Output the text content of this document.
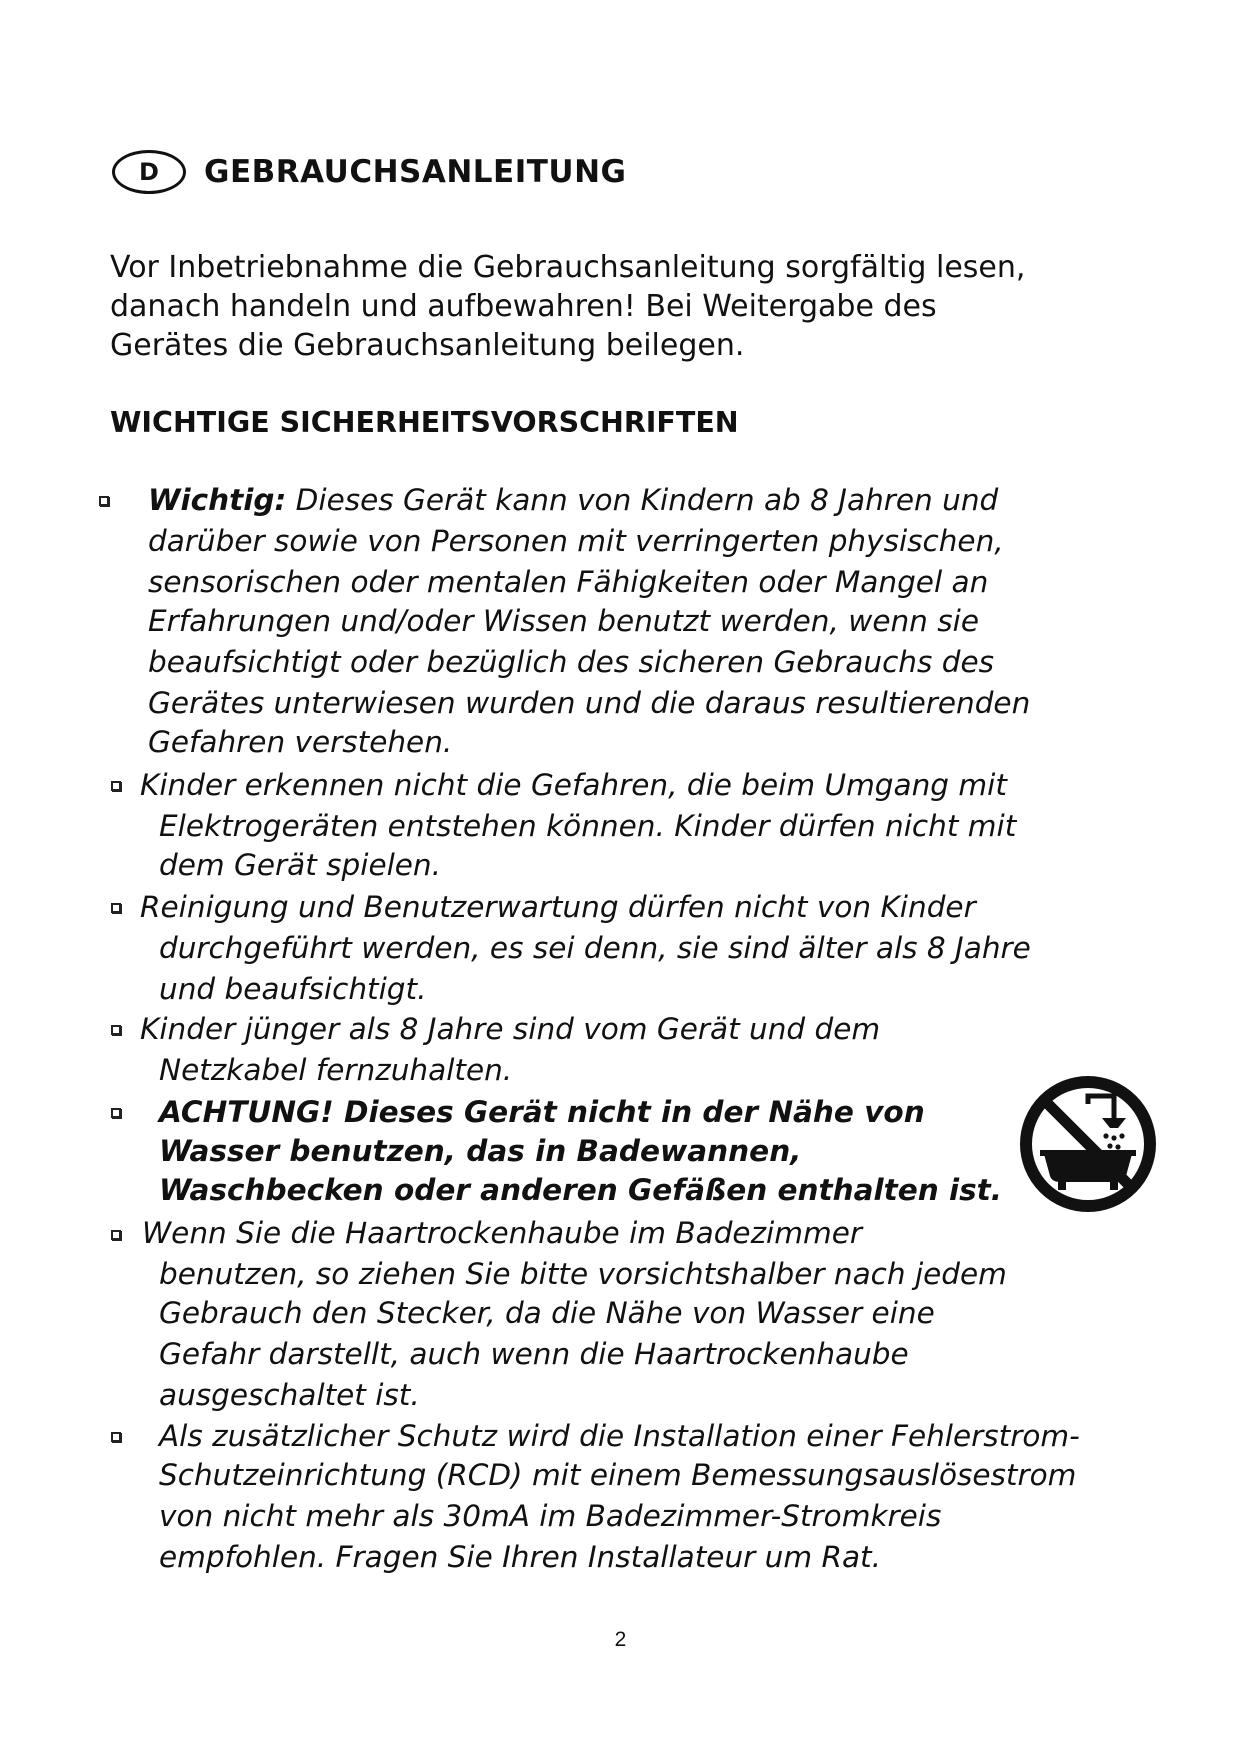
D	GEBRAUCHSANLEITUNG
Vor Inbetriebnahme die Gebrauchsanleitung sorgfältig lesen,
danach handeln und aufbewahren! Bei Weitergabe des
Gerätes die Gebrauchsanleitung beilegen.
WICHTIGE SICHERHEITSVORSCHRIFTEN
Wichtig: Dieses Gerät kann von Kindern ab 8 Jahren und
darüber sowie von Personen mit verringerten physischen,
sensorischen oder mentalen Fähigkeiten oder Mangel an
Erfahrungen und/oder Wissen benutzt werden, wenn sie
beaufsichtigt oder bezüglich des sicheren Gebrauchs des
Gerätes unterwiesen wurden und die daraus resultierenden
Gefahren verstehen.
Kinder erkennen nicht die Gefahren, die beim Umgang mit
Elektrogeräten entstehen können. Kinder dürfen nicht mit
dem Gerät spielen.
Reinigung und Benutzerwartung dürfen nicht von Kinder
durchgeführt werden, es sei denn, sie sind älter als 8 Jahre
und beaufsichtigt.
Kinder jünger als 8 Jahre sind vom Gerät und dem
Netzkabel fernzuhalten.
ACHTUNG! Dieses Gerät nicht in der Nähe von
Wasser benutzen, das in Badewannen,
Waschbecken oder anderen Gefäßen enthalten ist.
Wenn Sie die Haartrockenhaube im Badezimmer
benutzen, so ziehen Sie bitte vorsichtshalber nach jedem
Gebrauch den Stecker, da die Nähe von Wasser eine
Gefahr darstellt, auch wenn die Haartrockenhaube
ausgeschaltet ist.
Als zusätzlicher Schutz wird die Installation einer Fehlerstrom-
Schutzeinrichtung (RCD) mit einem Bemessungsauslösestrom
von nicht mehr als 30mA im Badezimmer-Stromkreis
empfohlen. Fragen Sie Ihren Installateur um Rat.
2
